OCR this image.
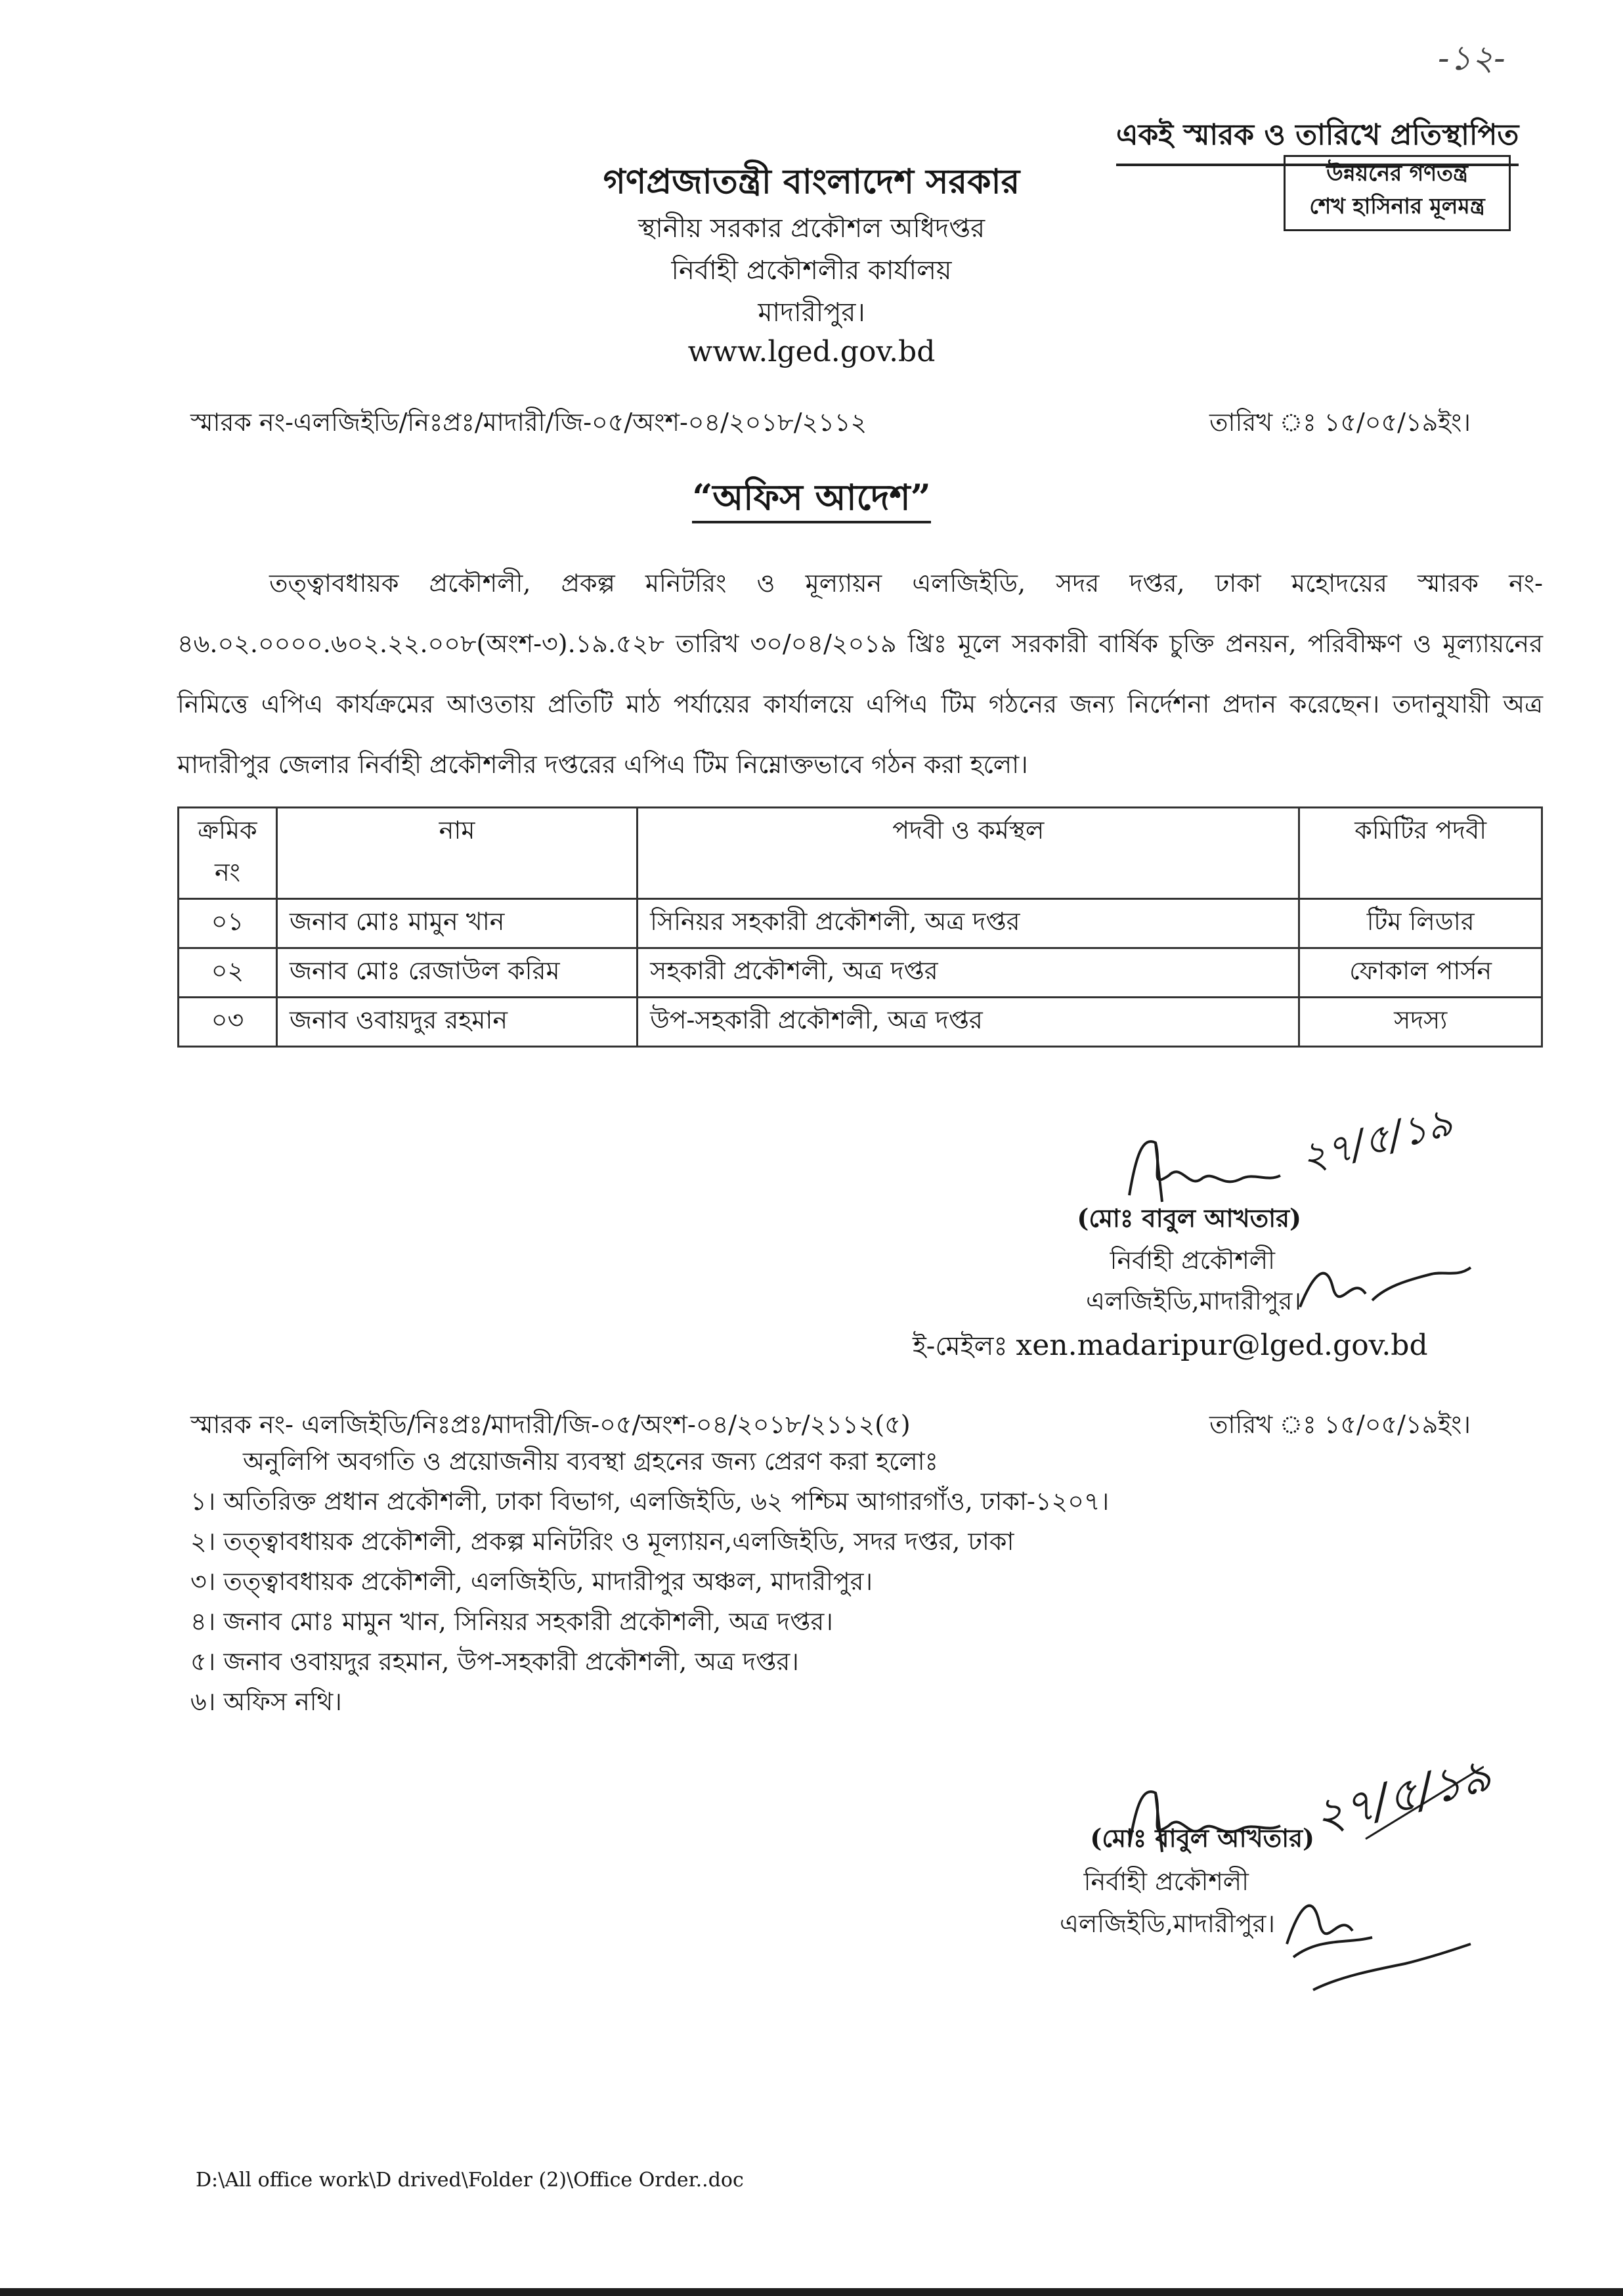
-১২-
একই স্মারক ও তারিখে প্রতিস্থাপিত
উন্নয়নের গণতন্ত্র
শেখ হাসিনার মূলমন্ত্র
গণপ্রজাতন্ত্রী বাংলাদেশ সরকার
স্থানীয় সরকার প্রকৌশল অধিদপ্তর
নির্বাহী প্রকৌশলীর কার্যালয়
মাদারীপুর।
www.lged.gov.bd
স্মারক নং-এলজিইডি/নিঃপ্রঃ/মাদারী/জি-০৫/অংশ-০৪/২০১৮/২১১২	তারিখ ঃ ১৫/০৫/১৯ইং।
“অফিস আদেশ”
তত্ত্বাবধায়ক প্রকৌশলী, প্রকল্প মনিটরিং ও মূল্যায়ন এলজিইডি, সদর দপ্তর, ঢাকা মহোদয়ের স্মারক নং- ৪৬.০২.০০০০.৬০২.২২.০০৮(অংশ-৩).১৯.৫২৮ তারিখ ৩০/০৪/২০১৯ খ্রিঃ মূলে সরকারী বার্ষিক চুক্তি প্রনয়ন, পরিবীক্ষণ ও মূল্যায়নের নিমিত্তে এপিএ কার্যক্রমের আওতায় প্রতিটি মাঠ পর্যায়ের কার্যালয়ে এপিএ টিম গঠনের জন্য নির্দেশনা প্রদান করেছেন। তদানুযায়ী অত্র মাদারীপুর জেলার নির্বাহী প্রকৌশলীর দপ্তরের এপিএ টিম নিম্নোক্তভাবে গঠন করা হলো।
ক্রমিক
নং	নাম	পদবী ও কর্মস্থল	কমিটির পদবী
০১	জনাব মোঃ মামুন খান	সিনিয়র সহকারী প্রকৌশলী, অত্র দপ্তর	টিম লিডার
০২	জনাব মোঃ রেজাউল করিম	সহকারী প্রকৌশলী, অত্র দপ্তর	ফোকাল পার্সন
০৩	জনাব ওবায়দুর রহমান	উপ-সহকারী প্রকৌশলী, অত্র দপ্তর	সদস্য
২৭/৫/১৯
(মোঃ বাবুল আখতার)
নির্বাহী প্রকৌশলী
এলজিইডি,মাদারীপুর।
ই-মেইলঃ xen.madaripur@lged.gov.bd
স্মারক নং- এলজিইডি/নিঃপ্রঃ/মাদারী/জি-০৫/অংশ-০৪/২০১৮/২১১২(৫)	তারিখ ঃ ১৫/০৫/১৯ইং।
অনুলিপি অবগতি ও প্রয়োজনীয় ব্যবস্থা গ্রহনের জন্য প্রেরণ করা হলোঃ
১। অতিরিক্ত প্রধান প্রকৌশলী, ঢাকা বিভাগ, এলজিইডি, ৬২ পশ্চিম আগারগাঁও, ঢাকা-১২০৭।
২। তত্ত্বাবধায়ক প্রকৌশলী, প্রকল্প মনিটরিং ও মূল্যায়ন,এলজিইডি, সদর দপ্তর, ঢাকা
৩। তত্ত্বাবধায়ক প্রকৌশলী, এলজিইডি, মাদারীপুর অঞ্চল, মাদারীপুর।
৪। জনাব মোঃ মামুন খান, সিনিয়র সহকারী প্রকৌশলী, অত্র দপ্তর।
৫। জনাব ওবায়দুর রহমান, উপ-সহকারী প্রকৌশলী, অত্র দপ্তর।
৬। অফিস নথি।
২৭/৫/১৯
(মোঃ বাবুল আখতার)
নির্বাহী প্রকৌশলী
এলজিইডি,মাদারীপুর।
D:\All office work\D drived\Folder (2)\Office Order..doc
